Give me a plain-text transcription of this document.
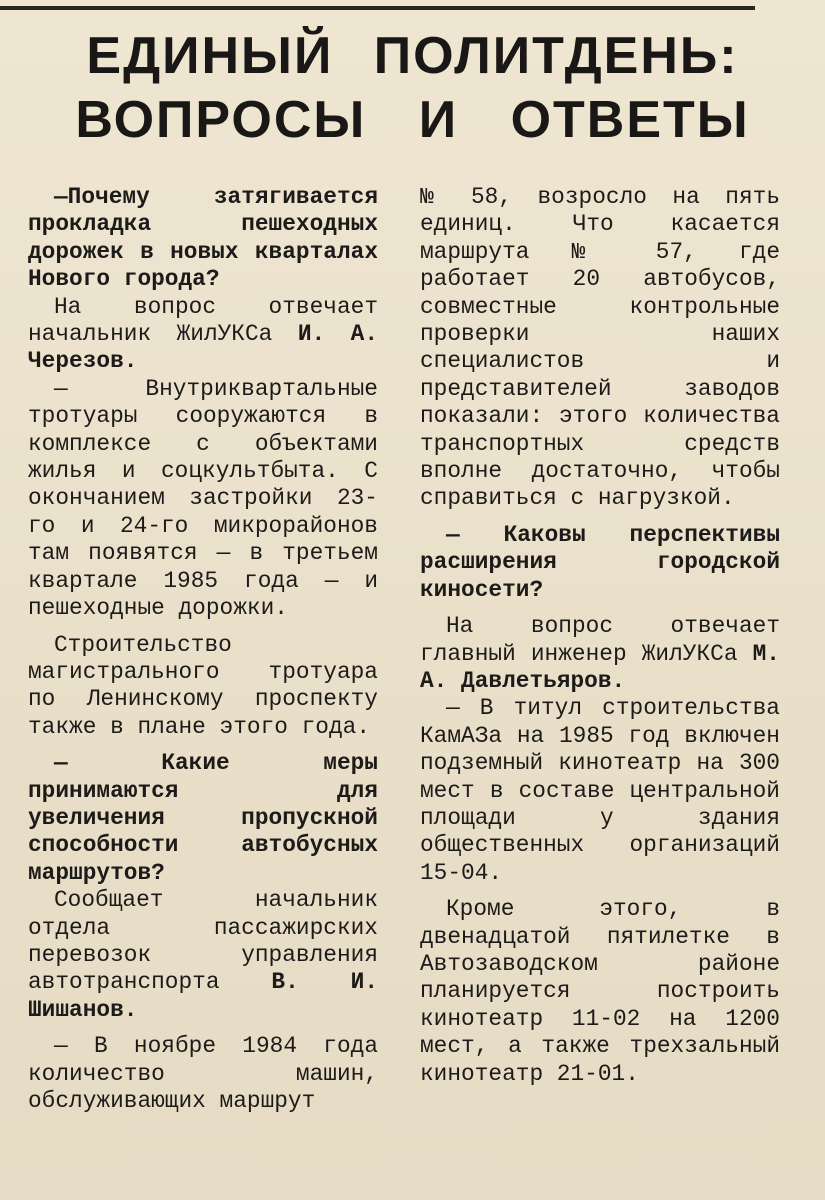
ЕДИНЫЙ ПОЛИТДЕНЬ:
ВОПРОСЫ И ОТВЕТЫ

—Почему затягивается прокладка пешеходных дорожек в новых кварталах Нового города?

На вопрос отвечает начальник ЖилУКСа И. А. Черезов.

— Внутриквартальные тротуары сооружаются в комплексе с объектами жилья и соцкультбыта. С окончанием застройки 23-го и 24-го микрорайонов там появятся — в третьем квартале 1985 года — и пешеходные дорожки.

Строительство магистрального тротуара по Ленинскому проспекту также в плане этого года.

— Какие меры принимаются для увеличения пропускной способности автобусных маршрутов?

Сообщает начальник отдела пассажирских перевозок управления автотранспорта В. И. Шишанов.

— В ноябре 1984 года количество машин, обслуживающих маршрут

№ 58, возросло на пять единиц. Что касается маршрута № 57, где работает 20 автобусов, совместные контрольные проверки наших специалистов и представителей заводов показали: этого количества транспортных средств вполне достаточно, чтобы справиться с нагрузкой.

— Каковы перспективы расширения городской киносети?

На вопрос отвечает главный инженер ЖилУКСа М. А. Давлетьяров.

— В титул строительства КамАЗа на 1985 год включен подземный кинотеатр на 300 мест в составе центральной площади у здания общественных организаций 15-04.

Кроме этого, в двенадцатой пятилетке в Автозаводском районе планируется построить кинотеатр 11-02 на 1200 мест, а также трехзальный кинотеатр 21-01.
